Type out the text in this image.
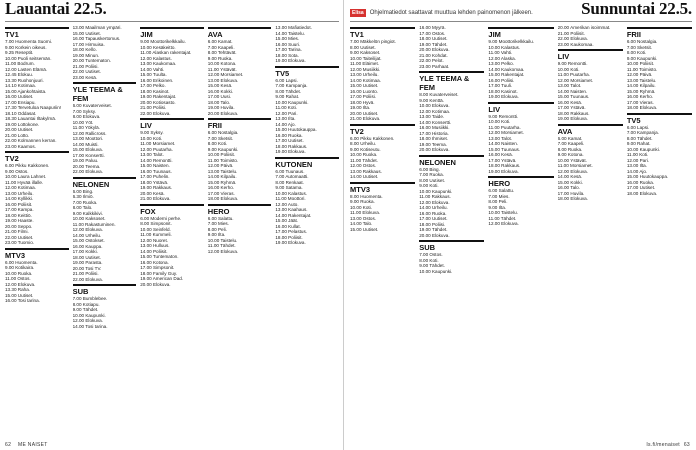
Lauantai 22.5.
TV1
7.00 Huomenta Suomi.
9.00 Korkein oikeus.
9.25 Reseptit.
10.00 Puoli seitsemän.
11.00 Bodrum.
12.00 Lasten Elämä.
12.45 Elokuu.
13.30 Ruohonjuuri.
14.10 Kotimaa.
15.00 Ajankohtaista.
16.00 Uutiset.
17.00 Ensiapu.
17.30 Tervetuloa Naapuriin!
18.10 Oddasat.
18.30 Lauantai Iltakylmä.
19.00 Lottokone.
20.00 Uutiset.
21.00 Lotto.
22.00 Kolmannen kerran.
23.00 Kaamos.
TV2
6.00 Pikku Kakkonen.
9.00 Ostos.
10.00 Laura Lahnet.
11.00 Hyvää illalle.
12.00 Kotimaa.
13.00 Urheilu.
14.00 Kyllikki.
16.00 Poliisit.
17.00 Kampa.
18.00 Keittiö.
19.00 Haaste.
20.00 Seppo.
21.00 Filmi.
22.00 Uutiset.
23.00 Tuomio.
MTV3
6.00 Huomenta.
9.00 Kotikaira.
10.00 Ruoka.
11.00 Ostos.
12.00 Elokuva.
13.30 Raha.
15.00 Uutiset.
16.00 Tosi tarina.
13.00 Maailman ympäri.
15.00 Uutiset.
16.00 Tapauskertomus.
17.00 Hirmuisa.
18.00 Kello.
19.00 Minun.
20.00 Tuntematon.
21.00 Poliisi.
22.00 Uutiset.
23.00 Kesä.
YLE TEEMA & FEM
6.00 Kuvaterveiset.
7.00 Syksy.
8.00 Elokuva.
10.00 Yöt.
11.00 Yökylä.
12.00 Rallicross.
13.00 Moottori.
14.00 Muisti.
15.00 Elokuva.
17.00 Konsertti.
19.00 Paluu.
20.00 Teema.
22.00 Elokuva.
NELONEN
6.00 Bing.
6.30 Ilmiö.
7.00 Ruoka.
8.00 Talo.
9.00 Kalkkikivi.
10.00 Kaksoset.
11.00 Rakastuminen.
12.00 Elokuva.
14.00 Urheilu.
15.00 Ostokset.
16.00 Kauppa.
17.00 Kokki.
18.00 Uutiset.
19.00 Parasta.
20.00 Tosi TV.
21.00 Poliisi.
22.00 Elokuva.
SUB
7.00 Bumblebee.
8.00 Kotiapu.
9.00 Tähdet.
10.00 Kaupunki.
12.00 Elokuva.
14.00 Tosi tarina.
JIM
9.00 Moottorikelkkailu.
10.00 Kesäkeitto.
11.00 Alaskan rakentajat.
12.00 Kalastus.
13.00 Kaukomaa.
14.00 Vahti.
15.00 Tuulta.
16.00 Erikoinen.
17.00 Pelko.
18.00 Kasinot.
19.00 Rakentajat.
20.00 Kotiosasto.
21.00 Poliisi.
22.00 Elokuva.
LIV
9.00 Syksy.
10.00 Koti.
11.00 Morsiamet.
12.00 Puutarha.
13.00 Talot.
14.00 Remontti.
15.00 Naisten.
16.00 Tuunaus.
17.00 Puhelin.
18.00 Ystävä.
19.00 Rakkaus.
20.00 Kesä.
21.00 Elokuva.
FOX
6.00 Moderni perhe.
8.00 Simpsonit.
10.00 Seinfeld.
11.00 Kummeli.
12.00 Nuoret.
13.00 Hulluus.
14.00 Poliisit.
15.00 Tuntematon.
16.00 Kotona.
17.00 Simpsonit.
18.00 Family Guy.
19.00 American Dad.
20.00 Elokuva.
AVA
6.00 Kamat.
7.00 Kaapeli.
8.00 Tehtävät.
9.00 Ruoka.
10.00 Kotona.
11.00 Ystävät.
12.00 Morsiamet.
13.00 Elokuva.
15.00 Kesä.
16.00 Kokki.
17.00 Uusi.
18.00 Talo.
19.00 Huvila.
20.00 Elokuva.
FRII
6.00 Nostalgia.
7.00 Sketsit.
8.00 Koti.
9.00 Kaupunki.
10.00 Poliisit.
11.00 Toimisto.
12.00 Päivä.
13.00 Taistelu.
14.00 Kilpailu.
15.00 Ryhmä.
16.00 Kerho.
17.00 Vieras.
18.00 Elokuva.
HERO
6.00 Salattu.
7.00 Mies.
8.00 Peli.
9.00 Ilta.
10.00 Taistelu.
11.00 Tähdet.
12.00 Elokuva.
13.00 Mafiatiedot.
14.00 Taistelu.
15.00 Mies.
16.00 Suuri.
17.00 Tarina.
18.00 Sota.
19.00 Elokuva.
TV5
6.00 Lapsi.
7.00 Kampanja.
8.00 Tähdet.
9.00 Rahat.
10.00 Kaupunki.
11.00 Koti.
12.00 Pari.
13.00 Ilta.
14.00 Ajo.
15.00 Huutokauppa.
16.00 Ruoka.
17.00 Uutiset.
18.00 Rakkaus.
19.00 Elokuva.
KUTONEN
6.00 Tuunaus.
7.00 Automaatti.
8.00 Renkaat.
9.00 Satama.
10.00 Kalastus.
11.00 Moottori.
12.00 Auto.
13.00 Kaahaus.
14.00 Rakentajat.
15.00 Jäät.
16.00 Kullat.
17.00 Pelastus.
18.00 Poliisit.
19.00 Elokuva.
62 ME NAISET
Elisa	Ohjelmatiedot saattavat muuttua lehden painomenon jälkeen.	Sunnuntai 22.5.
TV1
7.00 Mäkkelön pingiot.
8.00 Uutiset.
9.00 Kaksoset.
10.00 Taiteilijat.
11.00 Eläimet.
12.00 Musiikki.
13.00 Urheilu.
14.00 Kotimaa.
15.00 Uutiset.
16.00 Luonto.
17.00 Poliisi.
18.00 Hyvä.
19.00 Ilta.
20.00 Uutiset.
21.00 Elokuva.
TV2
6.00 Pikku Kakkonen.
8.00 Urheilu.
9.00 Kotiseutu.
10.00 Ruoka.
11.00 Tähdet.
12.00 Ostos.
13.00 Rakkaus.
14.00 Uutiset.
MTV3
8.00 Huomenta.
9.00 Ruoka.
10.00 Koti.
11.00 Elokuva.
13.00 Ostos.
14.00 Talo.
15.00 Uutiset.
16.00 Myyrä.
17.00 Ostos.
18.00 Uutiset.
19.00 Tähdet.
20.00 Elokuva.
21.00 Kohdat.
22.00 Pelot.
23.00 Parhaat.
YLE TEEMA & FEM
8.00 Kuvaterveiset.
9.00 Kenttä.
10.00 Elokuva.
12.00 Kotimaa.
13.00 Taide.
14.00 Konsertti.
16.00 Musiikki.
17.00 Historia.
18.00 Ihmiset.
19.00 Teema.
20.00 Elokuva.
NELONEN
6.00 Bing.
7.00 Ruoka.
8.00 Uutiset.
9.00 Koti.
10.00 Kaupunki.
11.00 Rakkaus.
12.00 Elokuva.
14.00 Urheilu.
16.00 Ruoka.
17.00 Uutiset.
18.00 Poliisi.
19.00 Tähdet.
20.00 Elokuva.
SUB
7.00 Ostos.
8.00 Koti.
9.00 Tähdet.
10.00 Kaupunki.
JIM
9.00 Moottorikelkkailu.
10.00 Kalastus.
11.00 Vahti.
12.00 Alaska.
13.00 Pelko.
14.00 Kaukomaa.
15.00 Rakentajat.
16.00 Poliisi.
17.00 Tuuli.
18.00 Kasinot.
19.00 Elokuva.
LIV
9.00 Remontti.
10.00 Koti.
11.00 Puutarha.
12.00 Morsiamet.
13.00 Talot.
14.00 Naisten.
15.00 Tuunaus.
16.00 Kesä.
17.00 Ystävä.
18.00 Rakkaus.
19.00 Elokuva.
HERO
6.00 Salattu.
7.00 Mies.
8.00 Peli.
9.00 Ilta.
10.00 Taistelu.
11.00 Tähdet.
12.00 Elokuva.
20.00 Amerikan isoimmat.
21.00 Poliisit.
22.00 Elokuva.
23.00 Kaukomaa.
LIV
9.00 Remontti.
10.00 Koti.
11.00 Puutarha.
12.00 Morsiamet.
13.00 Talot.
14.00 Naisten.
15.00 Tuunaus.
16.00 Kesä.
17.00 Ystävä.
18.00 Rakkaus.
19.00 Elokuva.
AVA
6.00 Kamat.
7.00 Kaapeli.
8.00 Ruoka.
9.00 Kotona.
10.00 Ystävät.
11.00 Morsiamet.
12.00 Elokuva.
14.00 Kesä.
15.00 Kokki.
16.00 Talo.
17.00 Huvila.
18.00 Elokuva.
FRII
6.00 Nostalgia.
7.00 Sketsit.
8.00 Koti.
9.00 Kaupunki.
10.00 Poliisit.
11.00 Toimisto.
12.00 Päivä.
13.00 Taistelu.
14.00 Kilpailu.
15.00 Ryhmä.
16.00 Kerho.
17.00 Vieras.
18.00 Elokuva.
TV5
6.00 Lapsi.
7.00 Kampanja.
8.00 Tähdet.
9.00 Rahat.
10.00 Kaupunki.
11.00 Koti.
12.00 Pari.
13.00 Ilta.
14.00 Ajo.
15.00 Huutokauppa.
16.00 Ruoka.
17.00 Uutiset.
18.00 Elokuva.
Is.fi/menaiset 63
